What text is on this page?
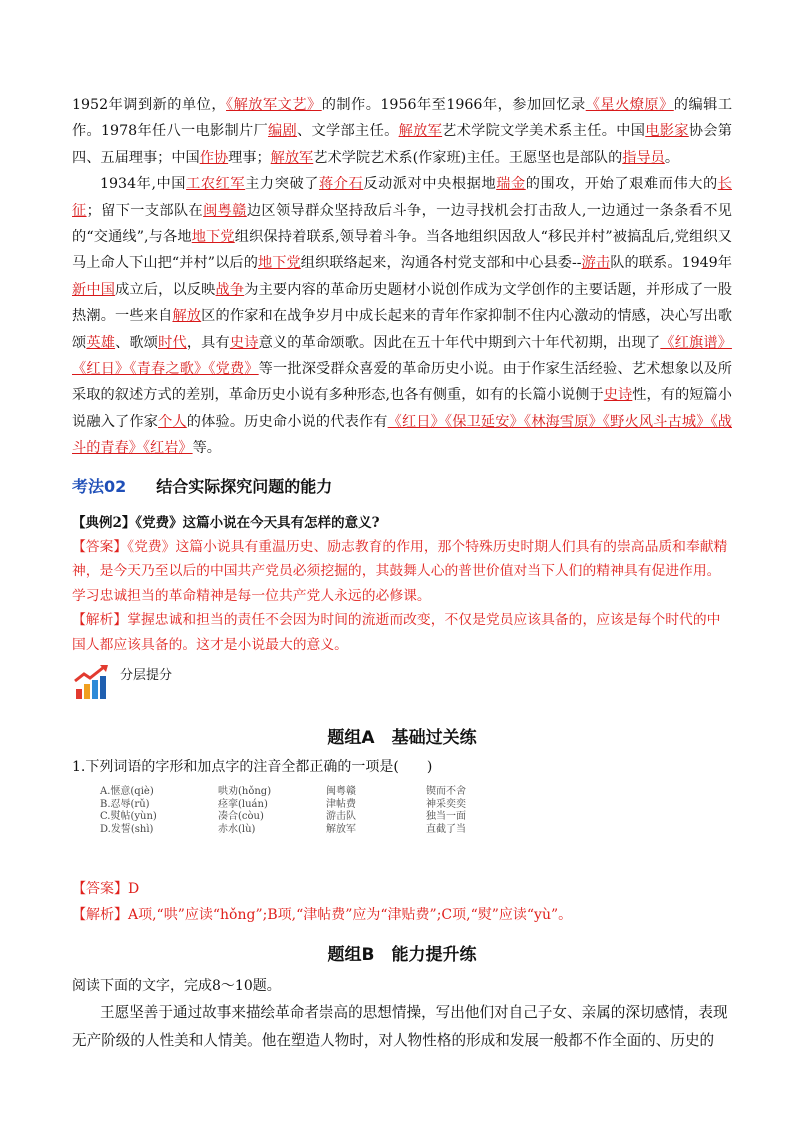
1952年调到新的单位，《解放军文艺》的制作。1956年至1966年，参加回忆录《星火燎原》的编辑工作。1978年任八一电影制片厂编剧、文学部主任。解放军艺术学院文学美术系主任。中国电影家协会第四、五届理事；中国作协理事；解放军艺术学院艺术系(作家班)主任。王愿坚也是部队的指导员。

1934年,中国工农红军主力突破了蒋介石反动派对中央根据地瑞金的围攻，开始了艰难而伟大的长征；留下一支部队在闽粤赣边区领导群众坚持敌后斗争，一边寻找机会打击敌人,一边通过一条条看不见的“交通线”,与各地地下党组织保持着联系,领导着斗争。当各地组织因敌人“移民并村”被搞乱后,党组织又马上命人下山把“并村”以后的地下党组织联络起来，沟通各村党支部和中心县委--游击队的联系。1949年新中国成立后，以反映战争为主要内容的革命历史题材小说创作成为文学创作的主要话题，并形成了一股热潮。一些来自解放区的作家和在战争岁月中成长起来的青年作家抑制不住内心激动的情感，决心写出歌颂英雄、歌颂时代，具有史诗意义的革命颂歌。因此在五十年代中期到六十年代初期，出现了《红旗谱》《红日》《青春之歌》《党费》等一批深受群众喜爱的革命历史小说。由于作家生活经验、艺术想象以及所采取的叙述方式的差别，革命历史小说有多种形态,也各有侧重，如有的长篇小说侧于史诗性，有的短篇小说融入了作家个人的体验。历史命小说的代表作有《红日》《保卫延安》《林海雪原》《野火风斗古城》《战斗的青春》《红岩》等。

考法02 结合实际探究问题的能力
【典例2】《党费》这篇小说在今天具有怎样的意义?

【答案】《党费》这篇小说具有重温历史、励志教育的作用，那个特殊历史时期人们具有的崇高品质和奉献精神，是今天乃至以后的中国共产党员必须挖掘的，其鼓舞人心的普世价值对当下人们的精神具有促进作用。学习忠诚担当的革命精神是每一位共产党人永远的必修课。

【解析】掌握忠诚和担当的责任不会因为时间的流逝而改变，不仅是党员应该具备的，应该是每个时代的中国人都应该具备的。这才是小说最大的意义。

分层提分
题组A　基础过关练

1.下列词语的字形和加点字的注音全都正确的一项是(　　)

A.惬意(qiè)	哄劝(hǒng)	闽粤赣	锲而不舍
B.忍辱(rǔ)	痉挛(luán)	津帖费	神采奕奕
C.熨帖(yùn)	凑合(còu)	游击队	独当一面
D.发誓(shì)	赤水(lù)	解放军	直截了当

【答案】D

【解析】A项,“哄”应读“hǒng”;B项,“津帖费”应为“津贴费”;C项,“熨”应读“yù”。

题组B　能力提升练

阅读下面的文字，完成8～10题。

王愿坚善于通过故事来描绘革命者崇高的思想情操，写出他们对自己子女、亲属的深切感情，表现无产阶级的人性美和人情美。他在塑造人物时，对人物性格的形成和发展一般都不作全面的、历史的
